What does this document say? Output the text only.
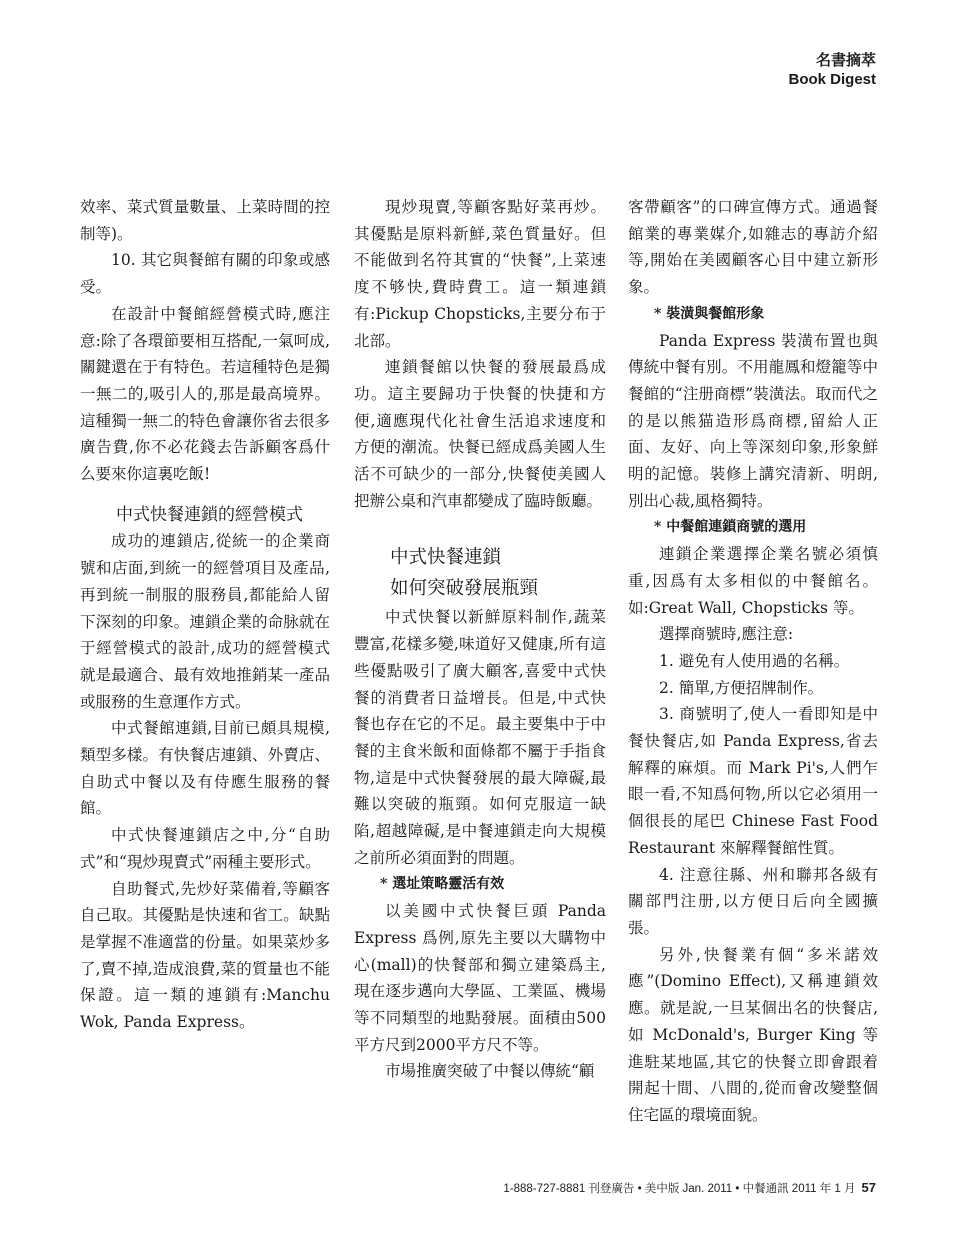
名書摘萃
Book Digest

效率、菜式質量數量、上菜時間的控制等)。

10. 其它與餐館有關的印象或感受。

在設計中餐館經營模式時,應注意:除了各環節要相互搭配,一氣呵成,關鍵還在于有特色。若這種特色是獨一無二的,吸引人的,那是最高境界。這種獨一無二的特色會讓你省去很多廣告費,你不必花錢去告訴顧客爲什么要來你這裏吃飯!

中式快餐連鎖的經營模式

成功的連鎖店,從統一的企業商號和店面,到統一的經營項目及產品,再到統一制服的服務員,都能給人留下深刻的印象。連鎖企業的命脉就在于經營模式的設計,成功的經營模式就是最適合、最有效地推銷某一產品或服務的生意運作方式。

中式餐館連鎖,目前已頗具規模,類型多樣。有快餐店連鎖、外賣店、自助式中餐以及有侍應生服務的餐館。

中式快餐連鎖店之中,分“自助式”和“現炒現賣式”兩種主要形式。

自助餐式,先炒好菜備着,等顧客自己取。其優點是快速和省工。缺點是掌握不准適當的份量。如果菜炒多了,賣不掉,造成浪費,菜的質量也不能保證。這一類的連鎖有:Manchu Wok, Panda Express。

現炒現賣,等顧客點好菜再炒。其優點是原料新鮮,菜色質量好。但不能做到名符其實的“快餐”,上菜速度不够快,費時費工。這一類連鎖有:Pickup Chopsticks,主要分布于北部。

連鎖餐館以快餐的發展最爲成功。這主要歸功于快餐的快捷和方便,適應現代化社會生活追求速度和方便的潮流。快餐已經成爲美國人生活不可缺少的一部分,快餐使美國人把辦公桌和汽車都變成了臨時飯廳。

中式快餐連鎖
如何突破發展瓶頸

中式快餐以新鮮原料制作,蔬菜豐富,花樣多變,味道好又健康,所有這些優點吸引了廣大顧客,喜愛中式快餐的消費者日益增長。但是,中式快餐也存在它的不足。最主要集中于中餐的主食米飯和面條都不屬于手指食物,這是中式快餐發展的最大障礙,最難以突破的瓶頸。如何克服這一缺陷,超越障礙,是中餐連鎖走向大規模之前所必須面對的問題。

* 選址策略靈活有效

以美國中式快餐巨頭 Panda Express 爲例,原先主要以大購物中心(mall)的快餐部和獨立建築爲主,現在逐步邁向大學區、工業區、機場等不同類型的地點發展。面積由500平方尺到2000平方尺不等。

市場推廣突破了中餐以傳統“顧

客帶顧客”的口碑宣傳方式。通過餐館業的專業媒介,如雜志的專訪介紹等,開始在美國顧客心目中建立新形象。

* 裝潢與餐館形象

Panda Express 裝潢布置也與傳統中餐有別。不用龍鳳和燈籠等中餐館的“注册商標”裝潢法。取而代之的是以熊猫造形爲商標,留給人正面、友好、向上等深刻印象,形象鮮明的記憶。裝修上講究清新、明朗,別出心裁,風格獨特。

* 中餐館連鎖商號的選用

連鎖企業選擇企業名號必須慎重,因爲有太多相似的中餐館名。如:Great Wall, Chopsticks 等。

選擇商號時,應注意:

1. 避免有人使用過的名稱。

2. 簡單,方便招牌制作。

3. 商號明了,使人一看即知是中餐快餐店,如 Panda Express,省去解釋的麻煩。而 Mark Pi's,人們乍眼一看,不知爲何物,所以它必須用一個很長的尾巴 Chinese Fast Food Restaurant 來解釋餐館性質。

4. 注意往縣、州和聯邦各級有關部門注册,以方便日后向全國擴張。

另外,快餐業有個“多米諾效應”(Domino Effect),又稱連鎖效應。就是說,一旦某個出名的快餐店,如 McDonald's, Burger King 等進駐某地區,其它的快餐立即會跟着開起十間、八間的,從而會改變整個住宅區的環境面貌。

1-888-727-8881 刊登廣告 • 美中版 Jan. 2011 • 中餐通訊 2011 年 1 月 57
